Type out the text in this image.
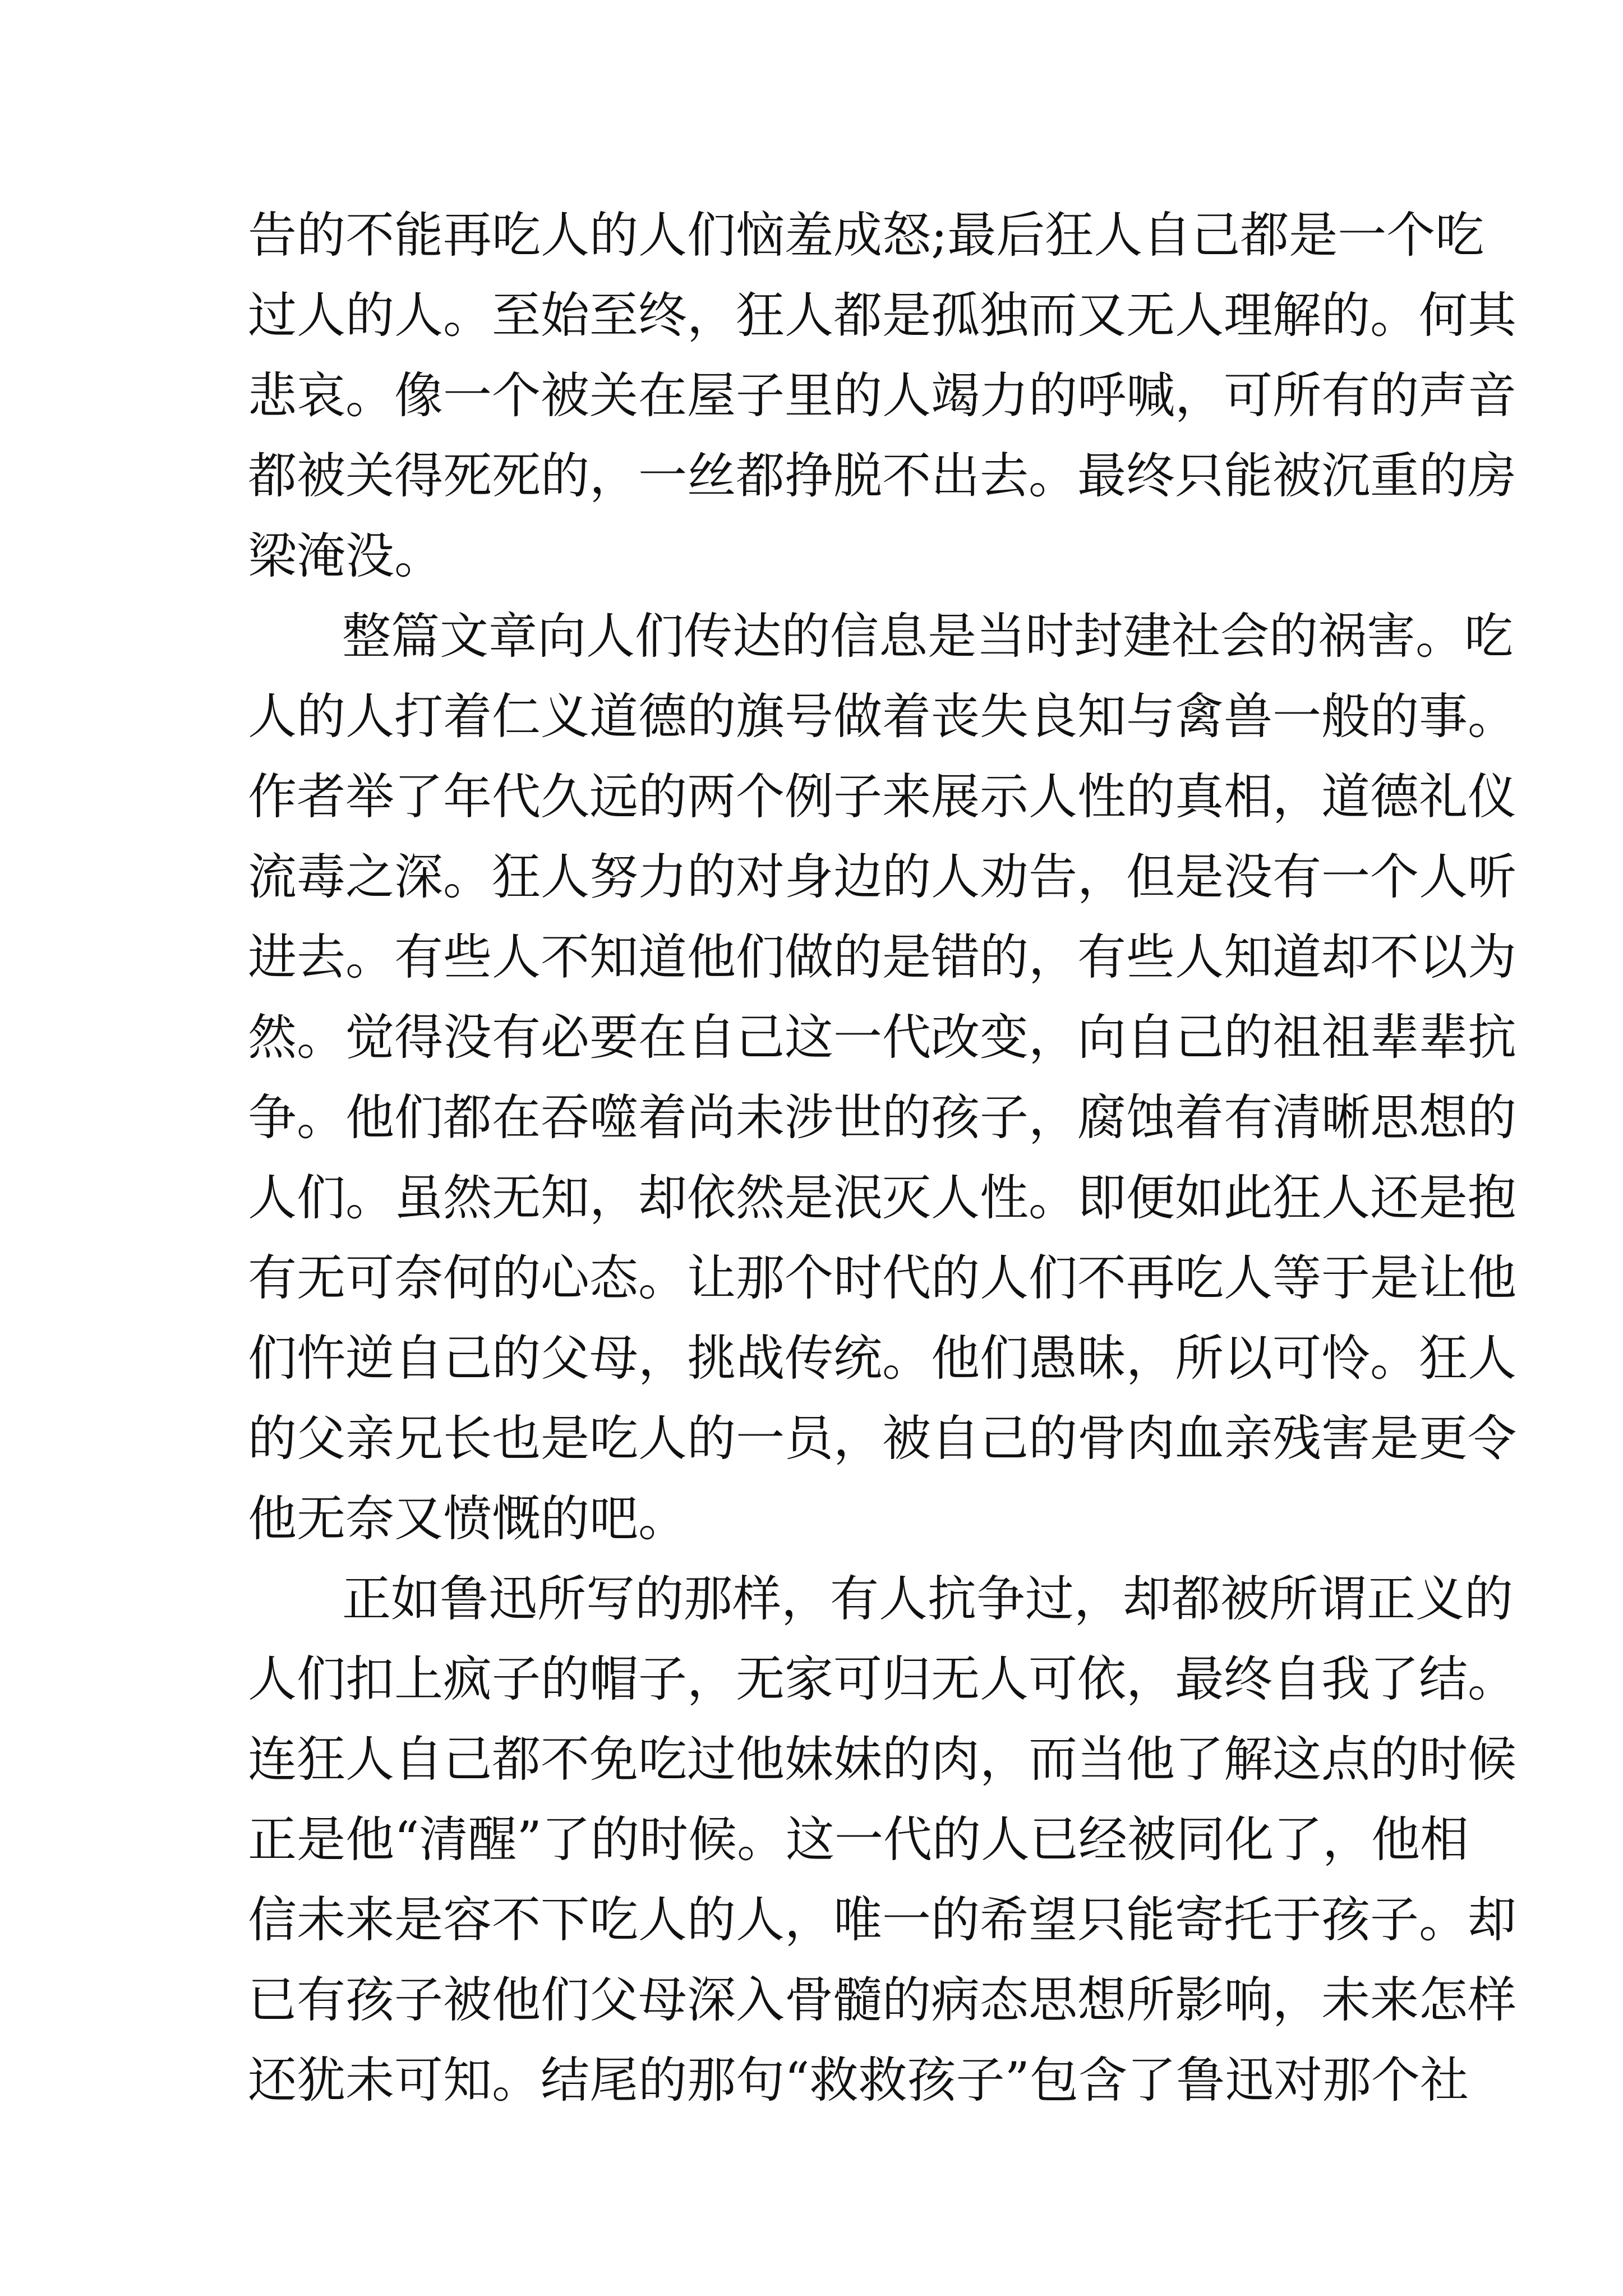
告的不能再吃人的人们恼羞成怒;最后狂人自己都是一个吃
过人的人。至始至终，狂人都是孤独而又无人理解的。何其
悲哀。像一个被关在屋子里的人竭力的呼喊，可所有的声音
都被关得死死的，一丝都挣脱不出去。最终只能被沉重的房
梁淹没。
整篇文章向人们传达的信息是当时封建社会的祸害。吃
人的人打着仁义道德的旗号做着丧失良知与禽兽一般的事。
作者举了年代久远的两个例子来展示人性的真相，道德礼仪
流毒之深。狂人努力的对身边的人劝告，但是没有一个人听
进去。有些人不知道他们做的是错的，有些人知道却不以为
然。觉得没有必要在自己这一代改变，向自己的祖祖辈辈抗
争。他们都在吞噬着尚未涉世的孩子，腐蚀着有清晰思想的
人们。虽然无知，却依然是泯灭人性。即便如此狂人还是抱
有无可奈何的心态。让那个时代的人们不再吃人等于是让他
们忤逆自己的父母，挑战传统。他们愚昧，所以可怜。狂人
的父亲兄长也是吃人的一员，被自己的骨肉血亲残害是更令
他无奈又愤慨的吧。
正如鲁迅所写的那样，有人抗争过，却都被所谓正义的
人们扣上疯子的帽子，无家可归无人可依，最终自我了结。
连狂人自己都不免吃过他妹妹的肉，而当他了解这点的时候
正是他“清醒”了的时候。这一代的人已经被同化了，他相
信未来是容不下吃人的人，唯一的希望只能寄托于孩子。却
已有孩子被他们父母深入骨髓的病态思想所影响，未来怎样
还犹未可知。结尾的那句“救救孩子”包含了鲁迅对那个社
